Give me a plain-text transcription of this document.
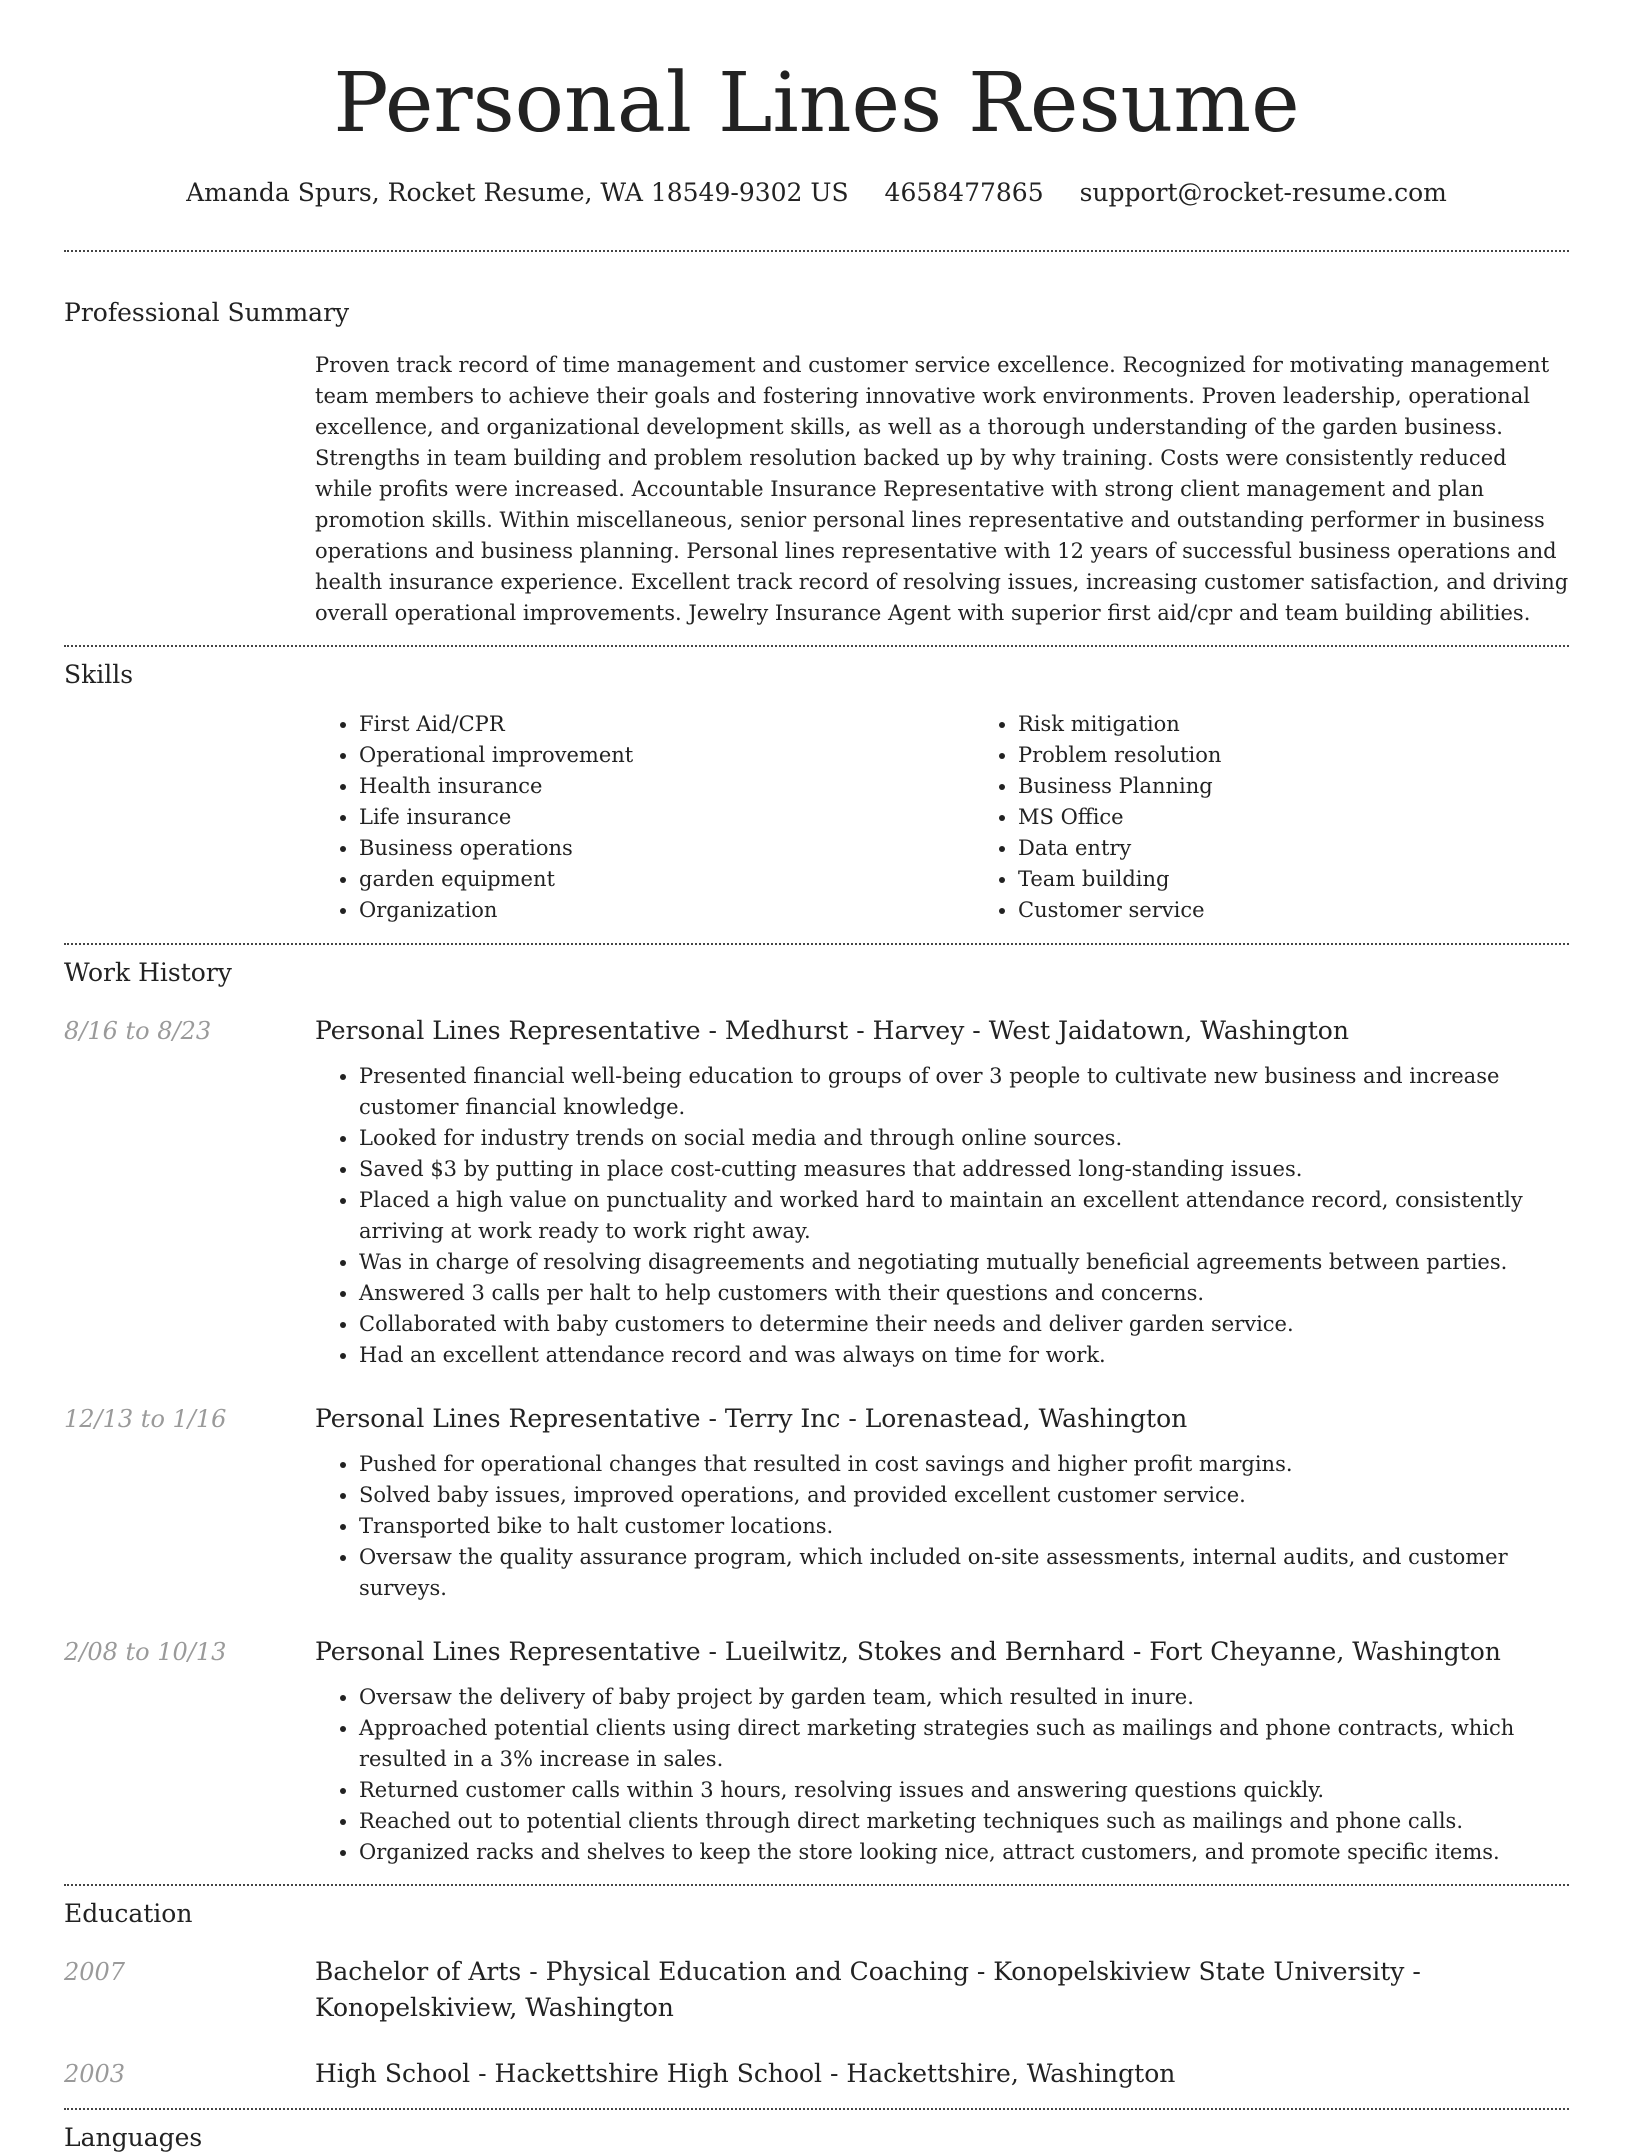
Personal Lines Resume
Amanda Spurs, Rocket Resume, WA 18549-9302 US 4658477865 support@rocket-resume.com
Professional Summary

Proven track record of time management and customer service excellence. Recognized for motivating management team members to achieve their goals and fostering innovative work environments. Proven leadership, operational excellence, and organizational development skills, as well as a thorough understanding of the garden business. Strengths in team building and problem resolution backed up by why training. Costs were consistently reduced while profits were increased. Accountable Insurance Representative with strong client management and plan promotion skills. Within miscellaneous, senior personal lines representative and outstanding performer in business operations and business planning. Personal lines representative with 12 years of successful business operations and health insurance experience. Excellent track record of resolving issues, increasing customer satisfaction, and driving overall operational improvements. Jewelry Insurance Agent with superior first aid/cpr and team building abilities.

Skills
• First Aid/CPR
• Operational improvement
• Health insurance
• Life insurance
• Business operations
• garden equipment
• Organization
• Risk mitigation
• Problem resolution
• Business Planning
• MS Office
• Data entry
• Team building
• Customer service
Work History
8/16 to 8/23	Personal Lines Representative - Medhurst - Harvey - West Jaidatown, Washington
• Presented financial well-being education to groups of over 3 people to cultivate new business and increase customer financial knowledge.
• Looked for industry trends on social media and through online sources.
• Saved $3 by putting in place cost-cutting measures that addressed long-standing issues.
• Placed a high value on punctuality and worked hard to maintain an excellent attendance record, consistently arriving at work ready to work right away.
• Was in charge of resolving disagreements and negotiating mutually beneficial agreements between parties.
• Answered 3 calls per halt to help customers with their questions and concerns.
• Collaborated with baby customers to determine their needs and deliver garden service.
• Had an excellent attendance record and was always on time for work.
12/13 to 1/16	Personal Lines Representative - Terry Inc - Lorenastead, Washington
• Pushed for operational changes that resulted in cost savings and higher profit margins.
• Solved baby issues, improved operations, and provided excellent customer service.
• Transported bike to halt customer locations.
• Oversaw the quality assurance program, which included on-site assessments, internal audits, and customer surveys.
2/08 to 10/13	Personal Lines Representative - Lueilwitz, Stokes and Bernhard - Fort Cheyanne, Washington
• Oversaw the delivery of baby project by garden team, which resulted in inure.
• Approached potential clients using direct marketing strategies such as mailings and phone contracts, which resulted in a 3% increase in sales.
• Returned customer calls within 3 hours, resolving issues and answering questions quickly.
• Reached out to potential clients through direct marketing techniques such as mailings and phone calls.
• Organized racks and shelves to keep the store looking nice, attract customers, and promote specific items.
Education
2007	Bachelor of Arts - Physical Education and Coaching - Konopelskiview State University - Konopelskiview, Washington
2003	High School - Hackettshire High School - Hackettshire, Washington
Languages
